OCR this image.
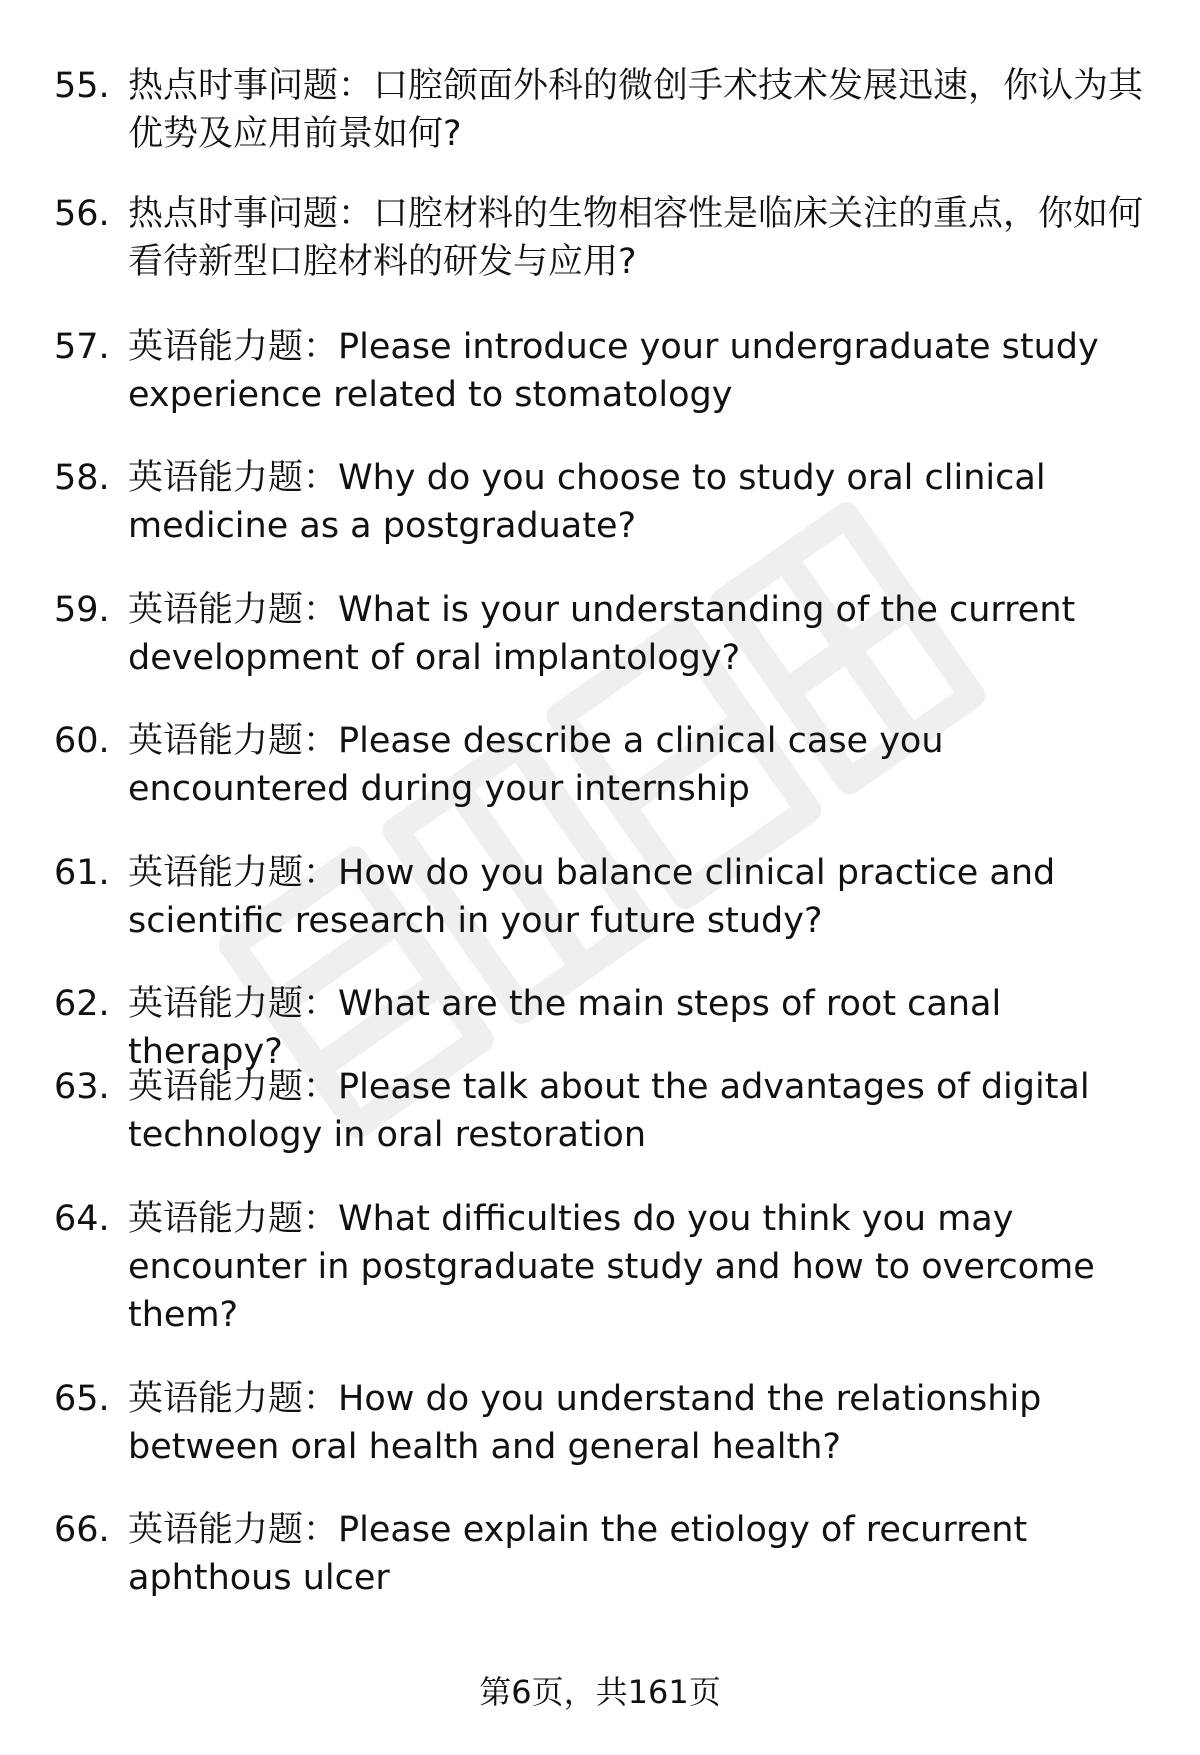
55. 热点时事问题：口腔颌面外科的微创手术技术发展迅速，你认为其优势及应用前景如何?
56. 热点时事问题：口腔材料的生物相容性是临床关注的重点，你如何看待新型口腔材料的研发与应用?
57. 英语能力题：Please introduce your undergraduate study experience related to stomatology
58. 英语能力题：Why do you choose to study oral clinical medicine as a postgraduate?
59. 英语能力题：What is your understanding of the current development of oral implantology?
60. 英语能力题：Please describe a clinical case you encountered during your internship
61. 英语能力题：How do you balance clinical practice and scientific research in your future study?
62. 英语能力题：What are the main steps of root canal therapy?
63. 英语能力题：Please talk about the advantages of digital technology in oral restoration
64. 英语能力题：What difficulties do you think you may encounter in postgraduate study and how to overcome them?
65. 英语能力题：How do you understand the relationship between oral health and general health?
66. 英语能力题：Please explain the etiology of recurrent aphthous ulcer
第6页，共161页
